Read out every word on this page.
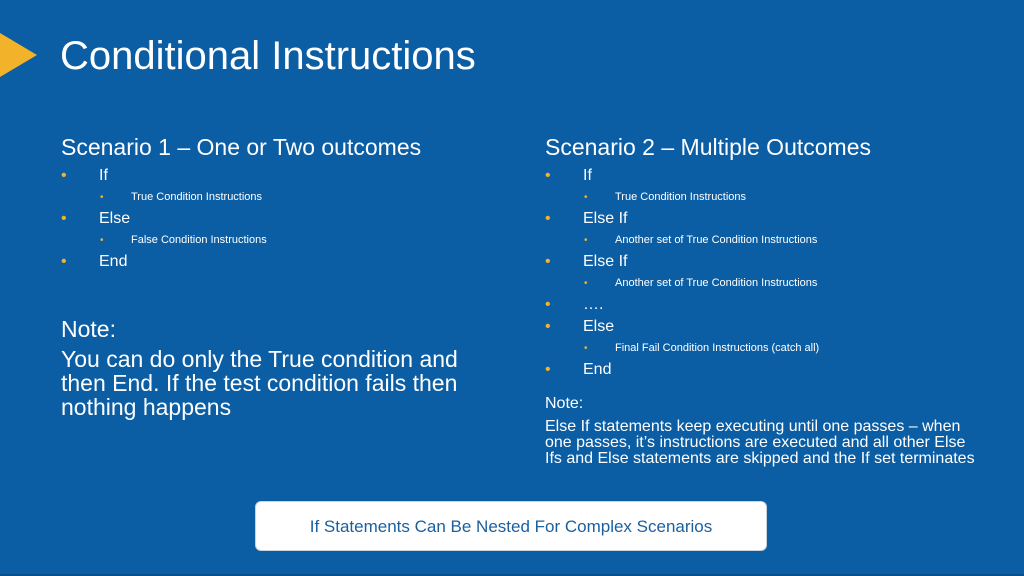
Conditional Instructions
Scenario 1 – One or Two outcomes
• If
• True Condition Instructions
• Else
• False Condition Instructions
• End
Note:
You can do only the True condition and then End. If the test condition fails then nothing happens
Scenario 2 – Multiple Outcomes
• If
• True Condition Instructions
• Else If
• Another set of True Condition Instructions
• Else If
• Another set of True Condition Instructions
• ….
• Else
• Final Fail Condition Instructions (catch all)
• End
Note:
Else If statements keep executing until one passes – when one passes, it’s instructions are executed and all other Else Ifs and Else statements are skipped and the If set terminates
If Statements Can Be Nested For Complex Scenarios
